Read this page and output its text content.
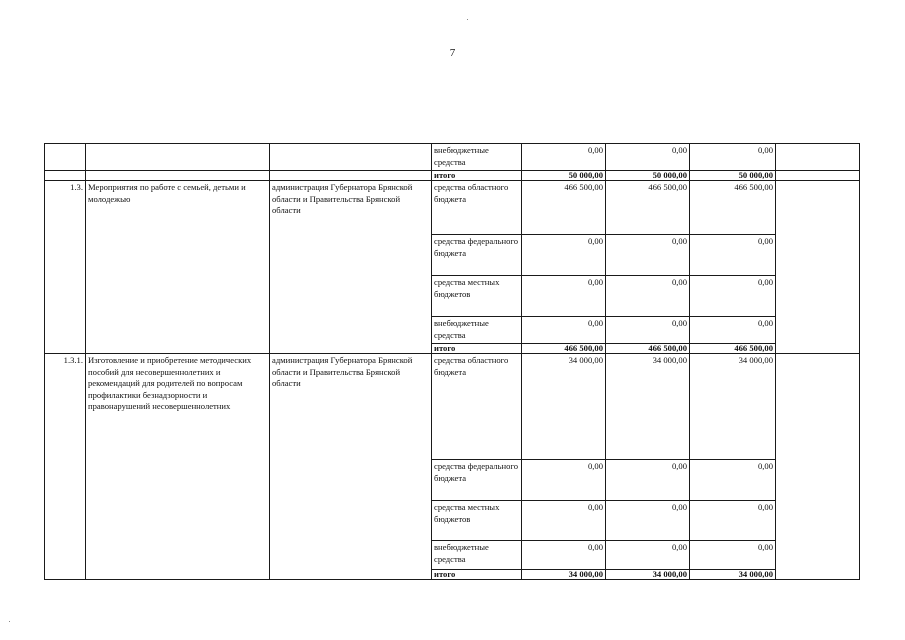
7
			внебюджетные средства	0,00	0,00	0,00	
			итого	50 000,00	50 000,00	50 000,00	
1.3.	Мероприятия по работе с семьей, детьми и молодежью	администрация Губернатора Брянской области и Правительства Брянской области	средства областного бюджета	466 500,00	466 500,00	466 500,00	
			средства федерального бюджета	0,00	0,00	0,00	
			средства местных бюджетов	0,00	0,00	0,00	
			внебюджетные средства	0,00	0,00	0,00	
			итого	466 500,00	466 500,00	466 500,00	
1.3.1.	Изготовление и приобретение методических пособий для несовершеннолетних и рекомендаций для родителей по вопросам профилактики безнадзорности и правонарушений несовершеннолетних	администрация Губернатора Брянской области и Правительства Брянской области	средства областного бюджета	34 000,00	34 000,00	34 000,00	
			средства федерального бюджета	0,00	0,00	0,00	
			средства местных бюджетов	0,00	0,00	0,00	
			внебюджетные средства	0,00	0,00	0,00	
			итого	34 000,00	34 000,00	34 000,00	
